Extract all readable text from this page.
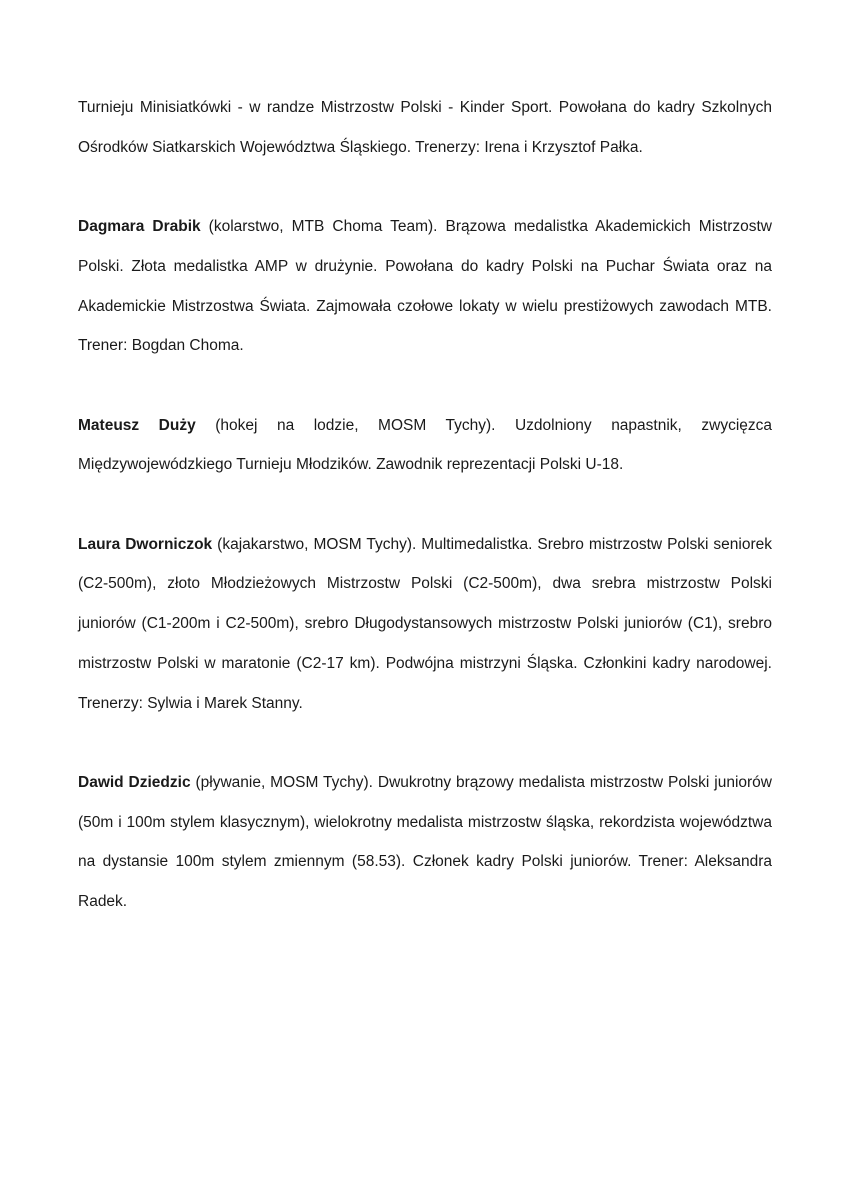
Turnieju Minisiatkówki - w randze Mistrzostw Polski - Kinder Sport. Powołana do kadry Szkolnych Ośrodków Siatkarskich Województwa Śląskiego. Trenerzy: Irena i Krzysztof Pałka.

Dagmara Drabik (kolarstwo, MTB Choma Team). Brązowa medalistka Akademickich Mistrzostw Polski. Złota medalistka AMP w drużynie. Powołana do kadry Polski na Puchar Świata oraz na Akademickie Mistrzostwa Świata. Zajmowała czołowe lokaty w wielu prestiżowych zawodach MTB. Trener: Bogdan Choma.

Mateusz Duży (hokej na lodzie, MOSM Tychy). Uzdolniony napastnik, zwycięzca Międzywojewódzkiego Turnieju Młodzików. Zawodnik reprezentacji Polski U-18.

Laura Dworniczok (kajakarstwo, MOSM Tychy). Multimedalistka. Srebro mistrzostw Polski seniorek (C2-500m), złoto Młodzieżowych Mistrzostw Polski (C2-500m), dwa srebra mistrzostw Polski juniorów (C1-200m i C2-500m), srebro Długodystansowych mistrzostw Polski juniorów (C1), srebro mistrzostw Polski w maratonie (C2-17 km). Podwójna mistrzyni Śląska. Członkini kadry narodowej. Trenerzy: Sylwia i Marek Stanny.

Dawid Dziedzic (pływanie, MOSM Tychy). Dwukrotny brązowy medalista mistrzostw Polski juniorów (50m i 100m stylem klasycznym), wielokrotny medalista mistrzostw śląska, rekordzista województwa na dystansie 100m stylem zmiennym (58.53). Członek kadry Polski juniorów. Trener: Aleksandra Radek.
